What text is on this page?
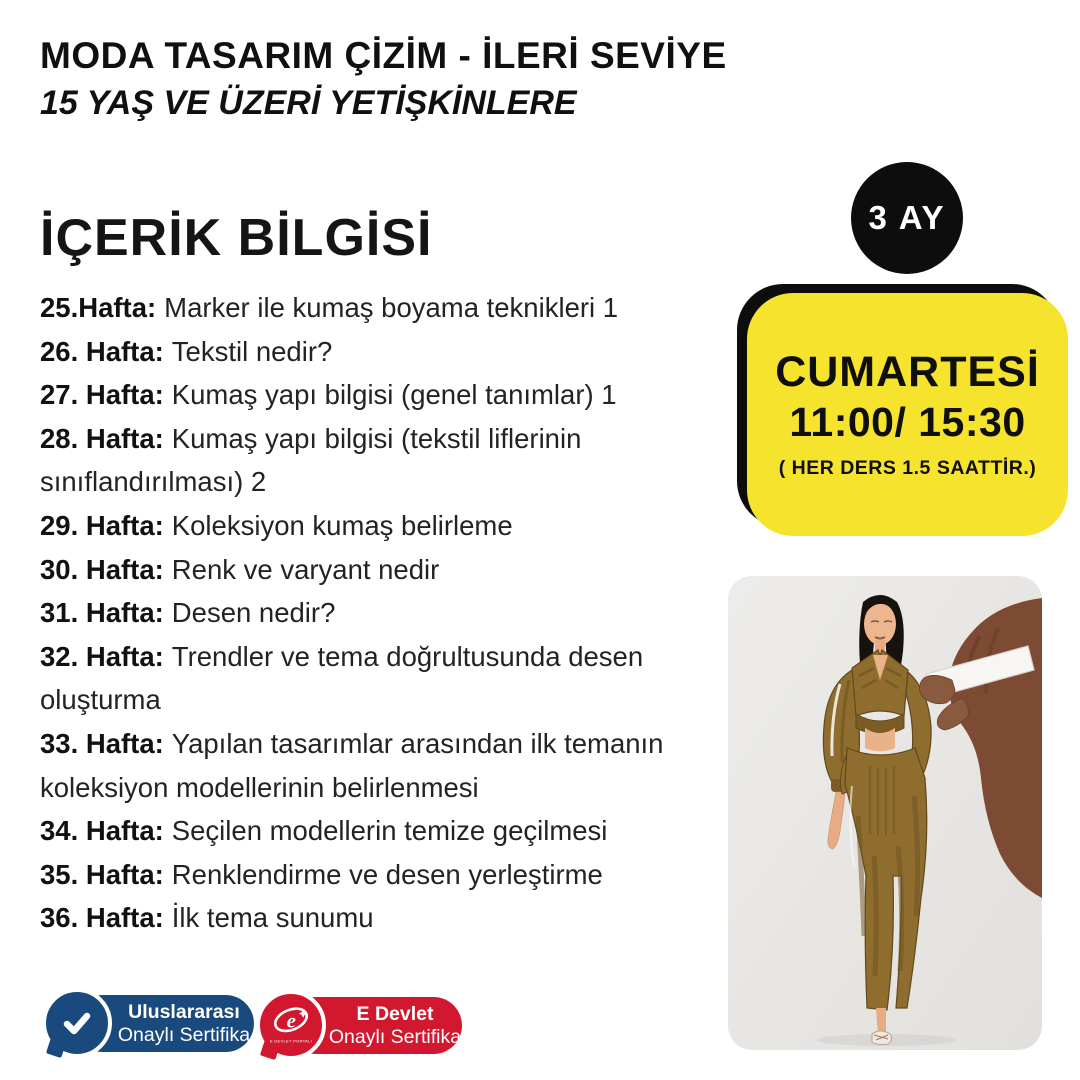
MODA TASARIM ÇİZİM - İLERİ SEVİYE
15 YAŞ VE ÜZERİ YETİŞKİNLERE
İÇERİK BİLGİSİ
25.Hafta: Marker ile kumaş boyama teknikleri 1
26. Hafta: Tekstil nedir?
27. Hafta: Kumaş yapı bilgisi (genel tanımlar) 1
28. Hafta: Kumaş yapı bilgisi (tekstil liflerinin sınıflandırılması) 2
29. Hafta: Koleksiyon kumaş belirleme
30. Hafta: Renk ve varyant nedir
31. Hafta: Desen nedir?
32. Hafta: Trendler ve tema doğrultusunda desen oluşturma
33. Hafta: Yapılan tasarımlar arasından ilk temanın koleksiyon modellerinin belirlenmesi
34. Hafta: Seçilen modellerin temize geçilmesi
35. Hafta: Renklendirme ve desen yerleştirme
36. Hafta: İlk tema sunumu
3 AY
CUMARTESİ
11:00/ 15:30
( HER DERS 1.5 SAATTİR.)
Uluslararası
Onaylı Sertifika
E Devlet
Onaylı Sertifika
e
E DEVLET PORTALI
